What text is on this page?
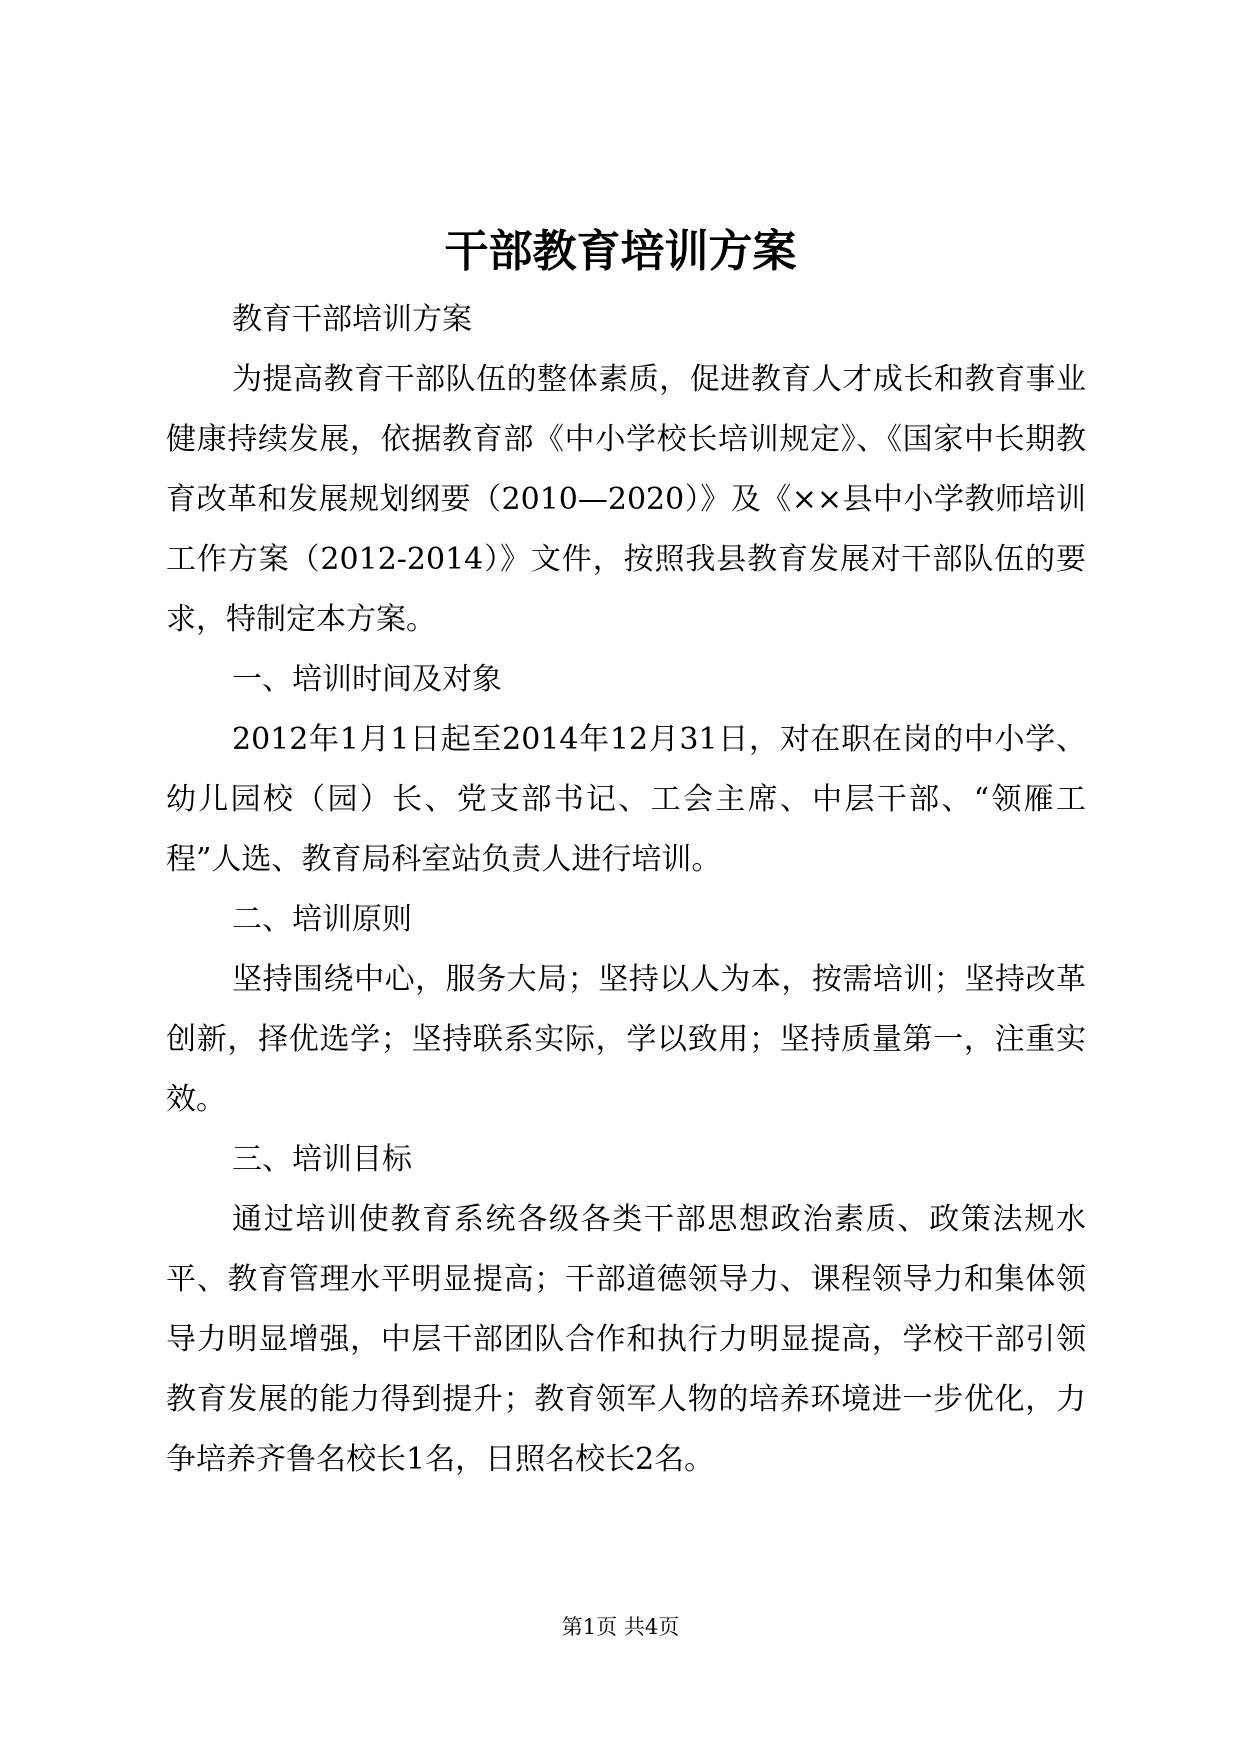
干部教育培训方案

教育干部培训方案

为提高教育干部队伍的整体素质，促进教育人才成长和教育事业健康持续发展，依据教育部《中小学校长培训规定》、《国家中长期教育改革和发展规划纲要（2010—2020）》及《××县中小学教师培训工作方案（2012-2014）》文件，按照我县教育发展对干部队伍的要求，特制定本方案。

一、培训时间及对象

2012年1月1日起至2014年12月31日，对在职在岗的中小学、幼儿园校（园）长、党支部书记、工会主席、中层干部、“领雁工程”人选、教育局科室站负责人进行培训。

二、培训原则

坚持围绕中心，服务大局；坚持以人为本，按需培训；坚持改革创新，择优选学；坚持联系实际，学以致用；坚持质量第一，注重实效。

三、培训目标

通过培训使教育系统各级各类干部思想政治素质、政策法规水平、教育管理水平明显提高；干部道德领导力、课程领导力和集体领导力明显增强，中层干部团队合作和执行力明显提高，学校干部引领教育发展的能力得到提升；教育领军人物的培养环境进一步优化，力争培养齐鲁名校长1名，日照名校长2名。

第1页 共4页
